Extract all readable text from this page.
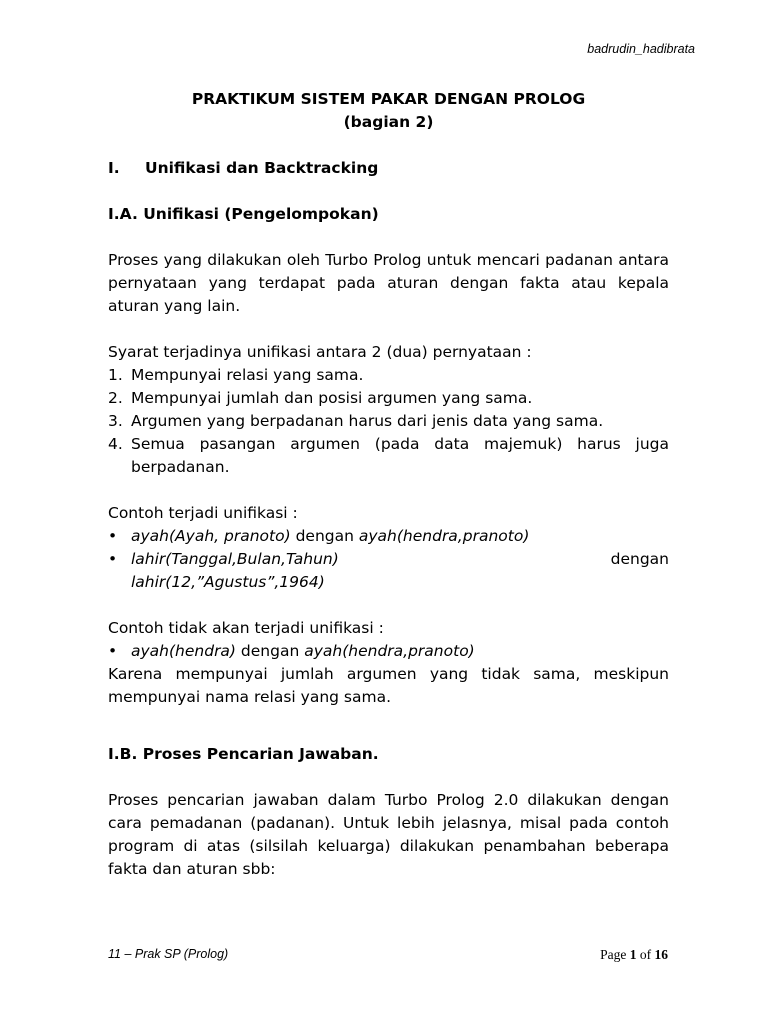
badrudin_hadibrata
PRAKTIKUM SISTEM PAKAR DENGAN PROLOG
(bagian 2)
I.	Unifikasi dan Backtracking

I.A. Unifikasi (Pengelompokan)

Proses yang dilakukan oleh Turbo Prolog untuk mencari padanan antara pernyataan yang terdapat pada aturan dengan fakta atau kepala aturan yang lain.

Syarat terjadinya unifikasi antara 2 (dua) pernyataan :

1. Mempunyai relasi yang sama.
2. Mempunyai jumlah dan posisi argumen yang sama.
3. Argumen yang berpadanan harus dari jenis data yang sama.
4. Semua pasangan argumen (pada data majemuk) harus juga berpadanan.

Contoh terjadi unifikasi :

• ayah(Ayah, pranoto) dengan ayah(hendra,pranoto)
• lahir(Tanggal,Bulan,Tahun)	dengan
lahir(12,”Agustus”,1964)

Contoh tidak akan terjadi unifikasi :

• ayah(hendra) dengan ayah(hendra,pranoto)

Karena mempunyai jumlah argumen yang tidak sama, meskipun mempunyai nama relasi yang sama.

I.B. Proses Pencarian Jawaban.

Proses pencarian jawaban dalam Turbo Prolog 2.0 dilakukan dengan cara pemadanan (padanan). Untuk lebih jelasnya, misal pada contoh program di atas (silsilah keluarga) dilakukan penambahan beberapa fakta dan aturan sbb:

11 – Prak SP (Prolog)	Page 1 of 16
